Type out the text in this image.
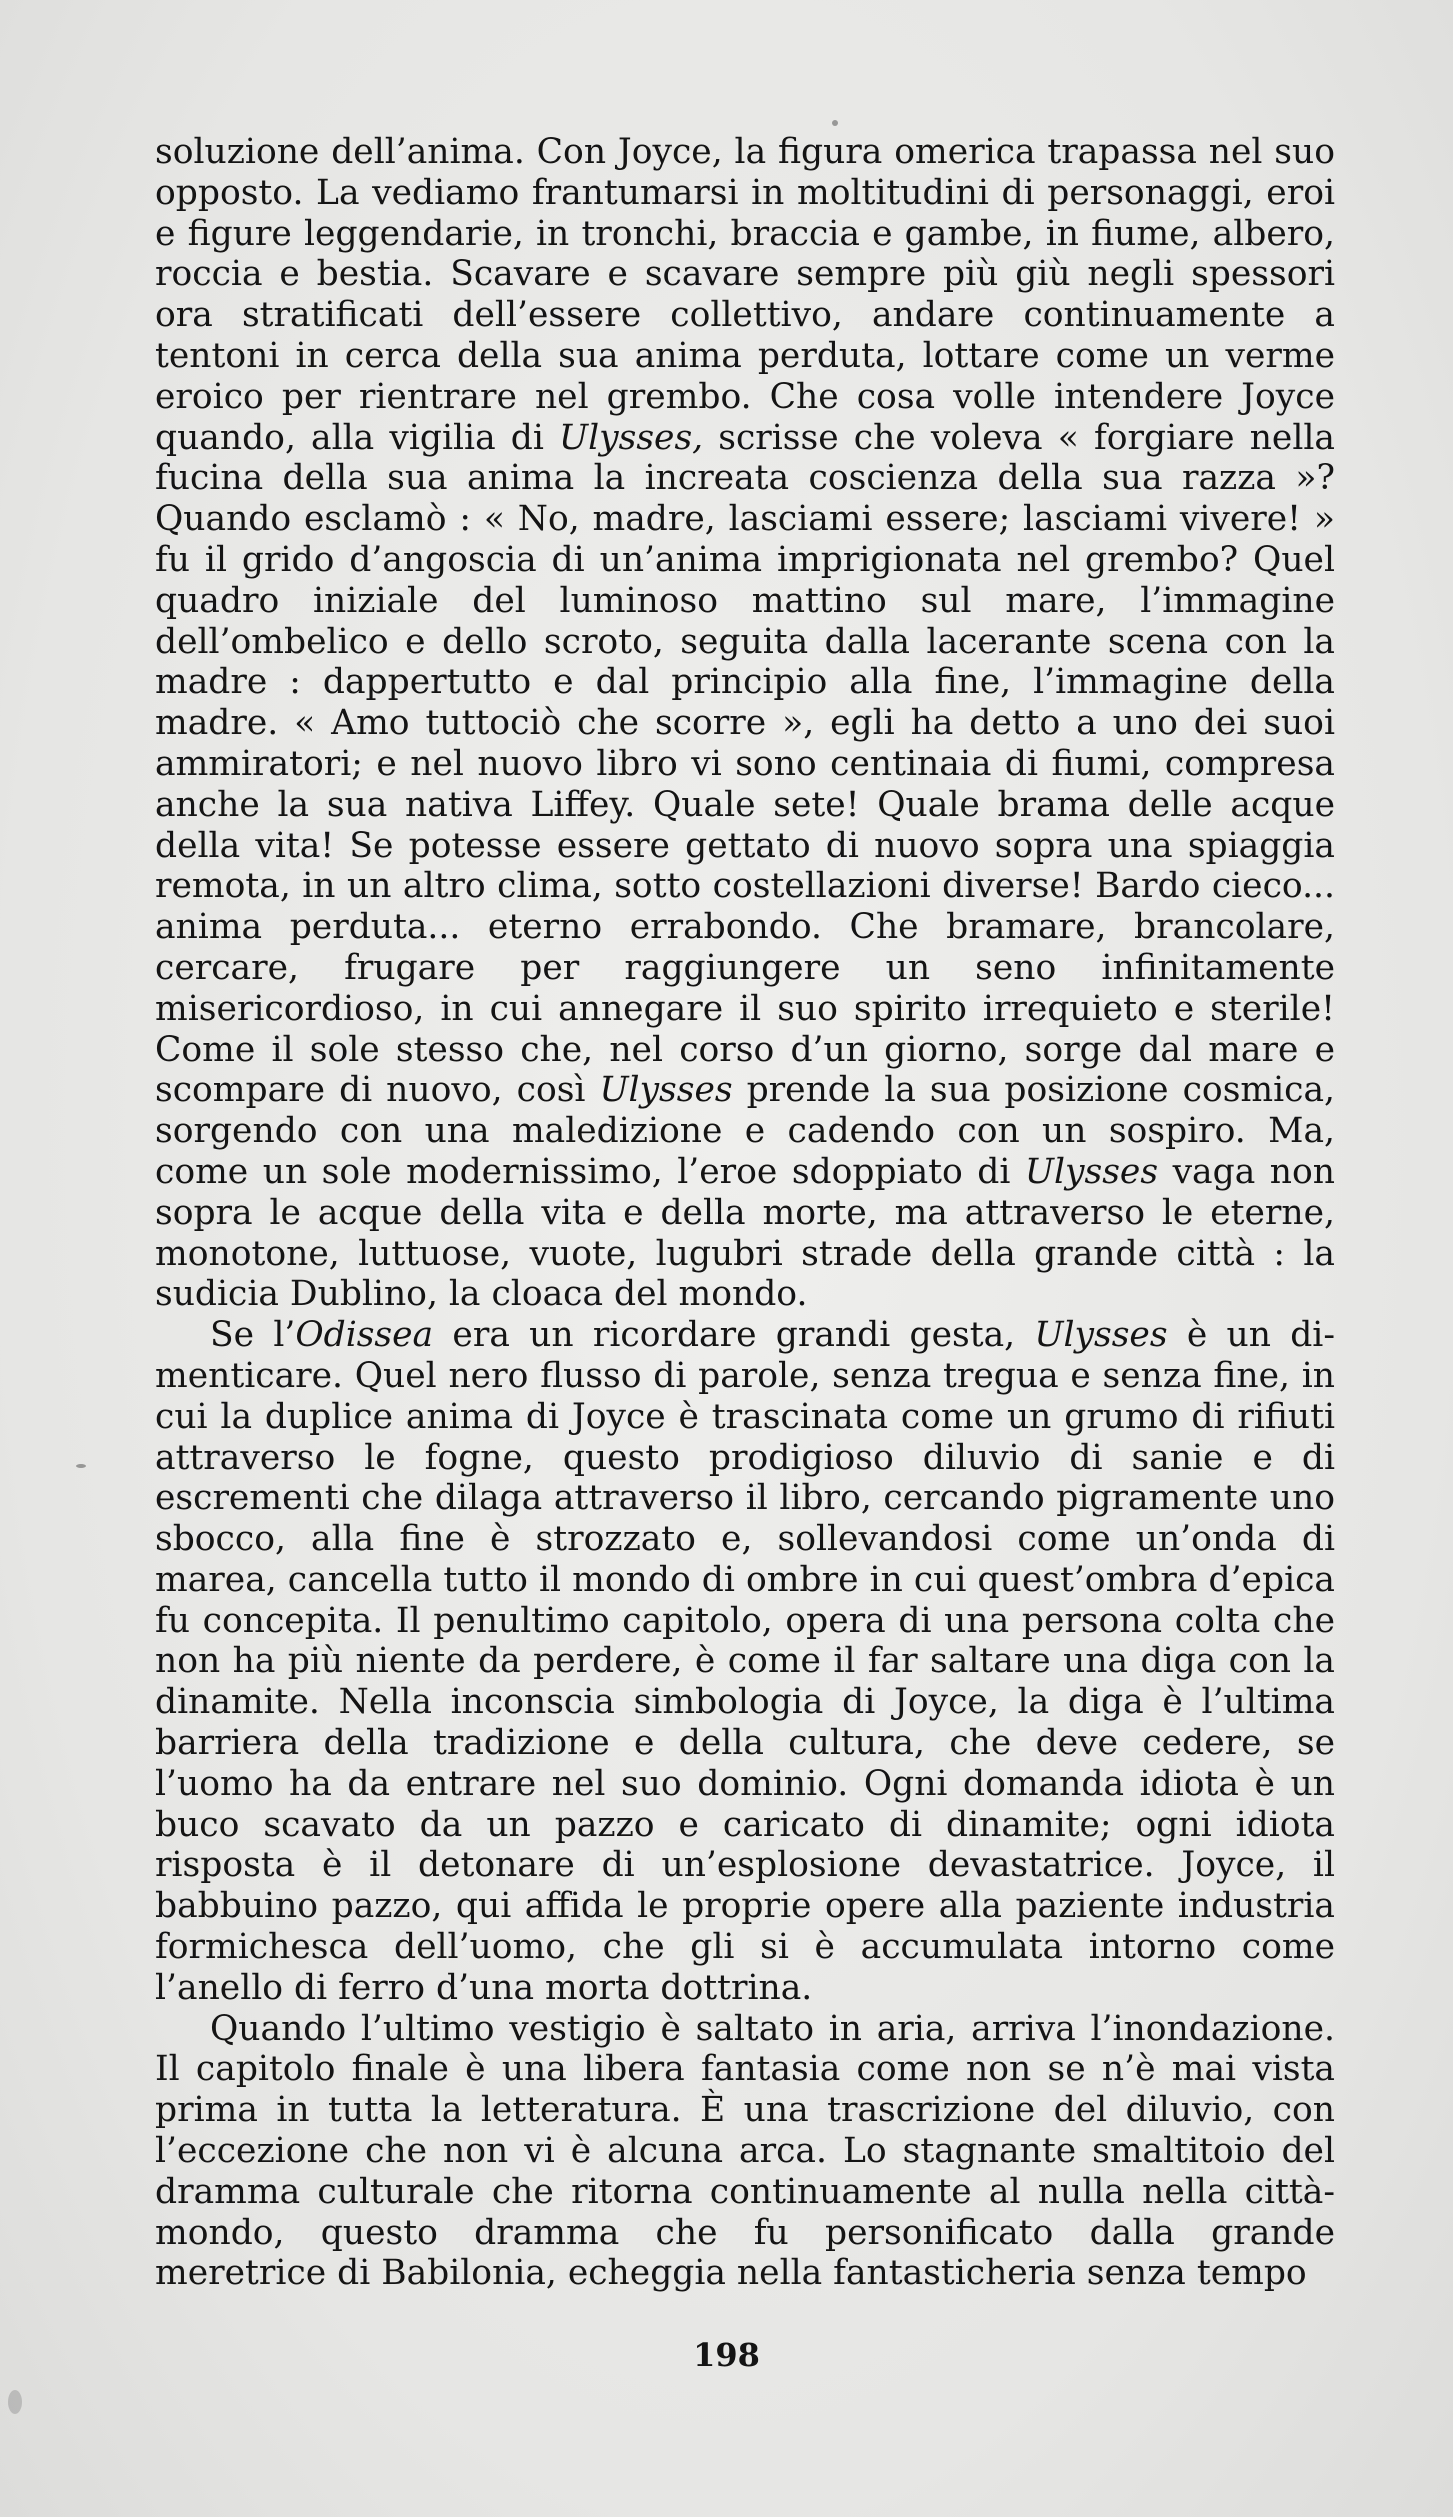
soluzione dell’anima. Con Joyce, la figura omerica trapassa nel suo opposto. La vediamo frantumarsi in moltitudini di personaggi, eroi e figure leggendarie, in tronchi, braccia e gambe, in fiume, albero, roccia e bestia. Scavare e scavare sempre più giù negli spessori ora stratificati dell’essere collettivo, andare continuamente a tentoni in cerca della sua anima perduta, lottare come un verme eroico per rientrare nel grembo. Che cosa volle intendere Joyce quando, alla vigilia di Ulysses, scrisse che voleva « forgiare nella fucina della sua anima la increata coscienza della sua razza »? Quando esclamò : « No, madre, lasciami essere; lasciami vivere! » fu il grido d’angoscia di un’anima imprigionata nel grembo? Quel quadro iniziale del luminoso mattino sul mare, l’immagine dell’ombelico e dello scroto, seguita dalla lacerante scena con la madre : dappertutto e dal principio alla fine, l’immagine della madre. « Amo tuttociò che scorre », egli ha detto a uno dei suoi ammiratori; e nel nuovo libro vi sono centinaia di fiumi, compresa anche la sua nativa Liffey. Quale sete! Quale brama delle acque della vita! Se potesse essere gettato di nuovo sopra una spiaggia remota, in un altro clima, sotto costellazioni diverse! Bardo cieco... anima perduta... eterno errabondo. Che bramare, brancolare, cercare, frugare per raggiungere un seno infinitamente misericordioso, in cui annegare il suo spirito irrequieto e sterile! Come il sole stesso che, nel corso d’un giorno, sorge dal mare e scompare di nuovo, così Ulysses prende la sua posizione cosmica, sorgendo con una maledizione e cadendo con un sospiro. Ma, come un sole modernissimo, l’eroe sdoppiato di Ulysses vaga non sopra le acque della vita e della morte, ma attraverso le eterne, monotone, luttuose, vuote, lugubri strade della grande città : la sudicia Dublino, la cloaca del mondo.

Se l’Odissea era un ricordare grandi gesta, Ulysses è un dimenticare. Quel nero flusso di parole, senza tregua e senza fine, in cui la duplice anima di Joyce è trascinata come un grumo di rifiuti attraverso le fogne, questo prodigioso diluvio di sanie e di escrementi che dilaga attraverso il libro, cercando pigramente uno sbocco, alla fine è strozzato e, sollevandosi come un’onda di marea, cancella tutto il mondo di ombre in cui quest’ombra d’epica fu concepita. Il penultimo capitolo, opera di una persona colta che non ha più niente da perdere, è come il far saltare una diga con la dinamite. Nella inconscia simbologia di Joyce, la diga è l’ultima barriera della tradizione e della cultura, che deve cedere, se l’uomo ha da entrare nel suo dominio. Ogni domanda idiota è un buco scavato da un pazzo e caricato di dinamite; ogni idiota risposta è il detonare di un’esplosione devastatrice. Joyce, il babbuino pazzo, qui affida le proprie opere alla paziente industria formichesca dell’uomo, che gli si è accumulata intorno come l’anello di ferro d’una morta dottrina.

Quando l’ultimo vestigio è saltato in aria, arriva l’inondazione. Il capitolo finale è una libera fantasia come non se n’è mai vista prima in tutta la letteratura. È una trascrizione del diluvio, con l’eccezione che non vi è alcuna arca. Lo stagnante smaltitoio del dramma culturale che ritorna continuamente al nulla nella città-mondo, questo dramma che fu personificato dalla grande meretrice di Babilonia, echeggia nella fantasticheria senza tempo

198
